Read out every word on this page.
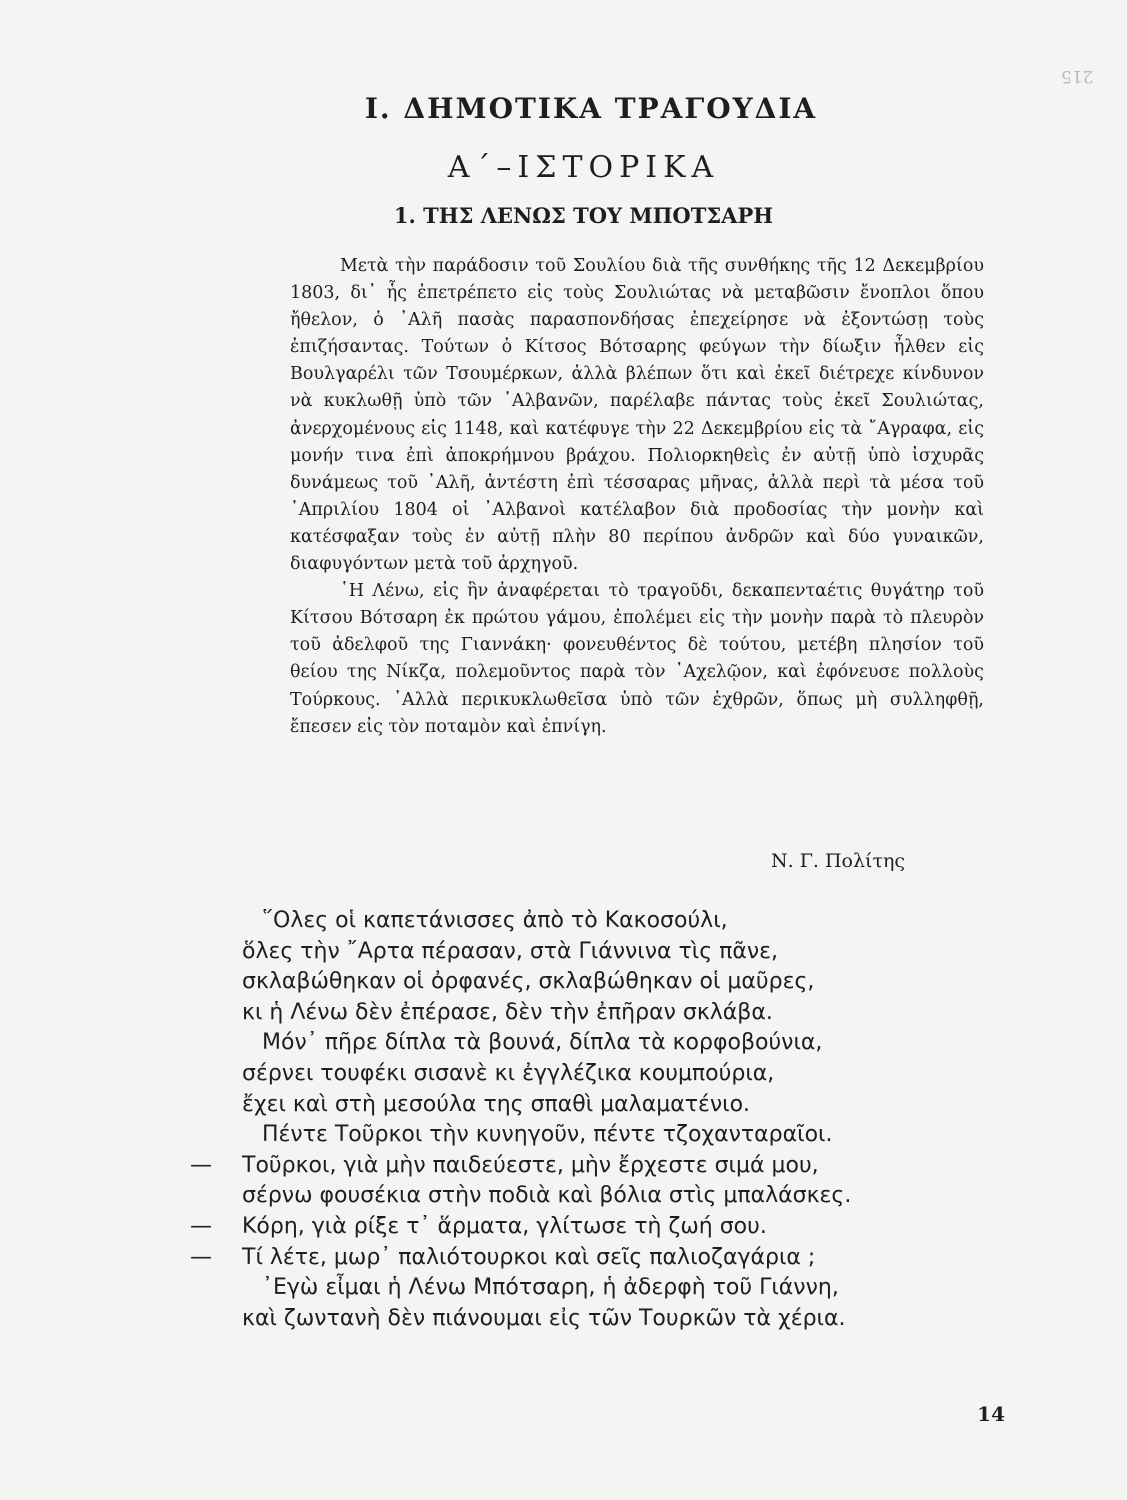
215
I. ΔΗΜΟΤΙΚΑ ΤΡΑΓΟΥΔΙΑ
Α΄–ΙΣΤΟΡΙΚΑ
1. ΤΗΣ ΛΕΝΩΣ ΤΟΥ ΜΠΟΤΣΑΡΗ

Μετὰ τὴν παράδοσιν τοῦ Σουλίου διὰ τῆς συνθήκης τῆς 12 Δεκεμβρίου 1803, δι᾽ ἧς ἐπετρέπετο εἰς τοὺς Σουλιώτας νὰ μεταβῶσιν ἔνοπλοι ὅπου ἤθελον, ὁ ᾽Αλῆ πασὰς παρασπονδήσας ἐπεχείρησε νὰ ἐξοντώσῃ τοὺς ἐπιζήσαντας. Τούτων ὁ Κίτσος Βότσαρης φεύγων τὴν δίωξιν ἦλθεν εἰς Βουλγαρέλι τῶν Τσουμέρκων, ἀλλὰ βλέπων ὅτι καὶ ἐκεῖ διέτρεχε κίνδυνον νὰ κυκλωθῇ ὑπὸ τῶν ᾽Αλβανῶν, παρέλαβε πάντας τοὺς ἐκεῖ Σουλιώτας, ἀνερχομένους εἰς 1148, καὶ κατέφυγε τὴν 22 Δεκεμβρίου εἰς τὰ ῎Αγραφα, εἰς μονήν τινα ἐπὶ ἀποκρήμνου βράχου. Πολιορκηθεὶς ἐν αὐτῇ ὑπὸ ἰσχυρᾶς δυνάμεως τοῦ ᾽Αλῆ, ἀντέστη ἐπὶ τέσσαρας μῆνας, ἀλλὰ περὶ τὰ μέσα τοῦ ᾽Απριλίου 1804 οἱ ᾽Αλβανοὶ κατέλαβον διὰ προδοσίας τὴν μονὴν καὶ κατέσφαξαν τοὺς ἐν αὐτῇ πλὴν 80 περίπου ἀνδρῶν καὶ δύο γυναικῶν, διαφυγόντων μετὰ τοῦ ἀρχηγοῦ.

῾Η Λένω, εἰς ἣν ἀναφέρεται τὸ τραγοῦδι, δεκαπενταέτις θυγάτηρ τοῦ Κίτσου Βότσαρη ἐκ πρώτου γάμου, ἐπολέμει εἰς τὴν μονὴν παρὰ τὸ πλευρὸν τοῦ ἀδελφοῦ της Γιαννάκη· φονευθέντος δὲ τούτου, μετέβη πλησίον τοῦ θείου της Νίκζα, πολεμοῦντος παρὰ τὸν ᾽Αχελῷον, καὶ ἐφόνευσε πολλοὺς Τούρκους. ᾽Αλλὰ περικυκλωθεῖσα ὑπὸ τῶν ἐχθρῶν, ὅπως μὴ συλληφθῇ, ἔπεσεν εἰς τὸν ποταμὸν καὶ ἐπνίγη.

Ν. Γ. Πολίτης
῞Ολες οἱ καπετάνισσες ἀπὸ τὸ Κακοσούλι,
ὅλες τὴν ῎Αρτα πέρασαν, στὰ Γιάννινα τὶς πᾶνε,
σκλαβώθηκαν οἱ ὀρφανές, σκλαβώθηκαν οἱ μαῦρες,
κι ἡ Λένω δὲν ἐπέρασε, δὲν τὴν ἐπῆραν σκλάβα.
Μόν᾽ πῆρε δίπλα τὰ βουνά, δίπλα τὰ κορφοβούνια,
σέρνει τουφέκι σισανὲ κι ἐγγλέζικα κουμπούρια,
ἔχει καὶ στὴ μεσούλα της σπαθὶ μαλαματένιο.
Πέντε Τοῦρκοι τὴν κυνηγοῦν, πέντε τζοχανταραῖοι.
—	Τοῦρκοι, γιὰ μὴν παιδεύεστε, μὴν ἔρχεστε σιμά μου,
σέρνω φουσέκια στὴν ποδιὰ καὶ βόλια στὶς μπαλάσκες.
—	Κόρη, γιὰ ρίξε τ᾽ ἅρματα, γλίτωσε τὴ ζωή σου.
—	Τί λέτε, μωρ᾽ παλιότουρκοι καὶ σεῖς παλιοζαγάρια ;
᾽Εγὼ εἶμαι ἡ Λένω Μπότσαρη, ἡ ἀδερφὴ τοῦ Γιάννη,
καὶ ζωντανὴ δὲν πιάνουμαι εἰς τῶν Τουρκῶν τὰ χέρια.
14
